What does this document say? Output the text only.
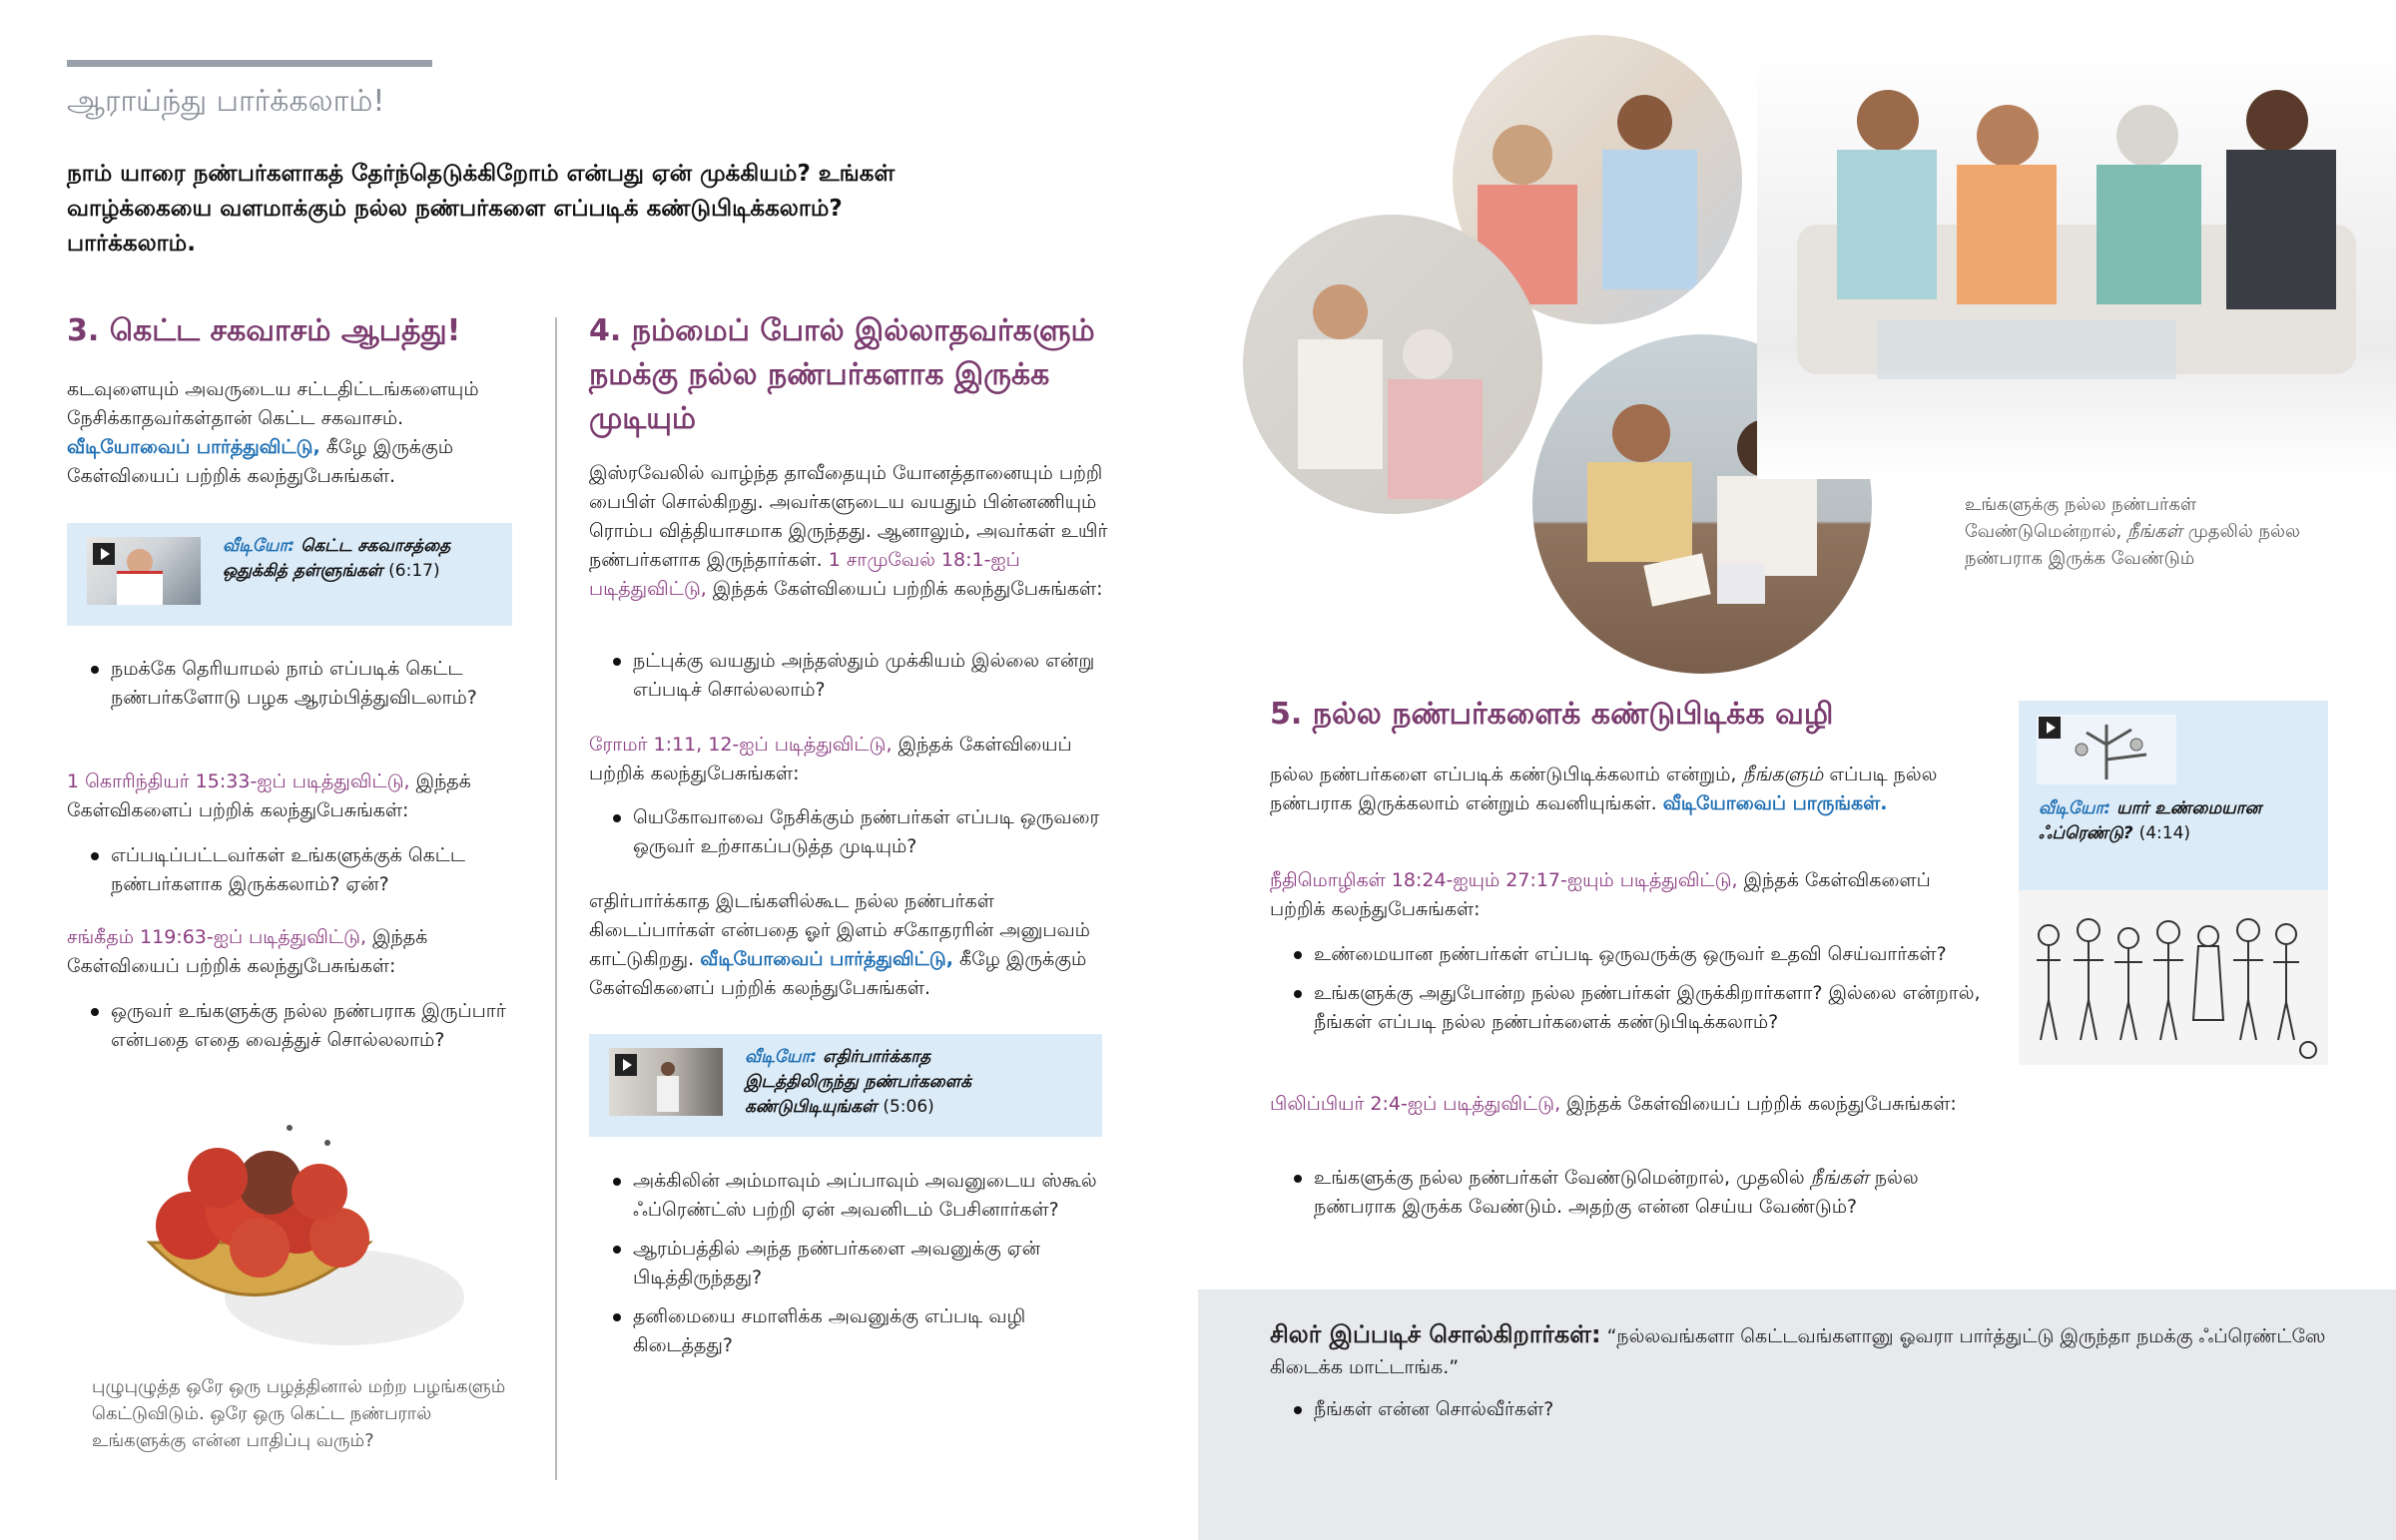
ஆராய்ந்து பார்க்கலாம்!
நாம் யாரை நண்பர்களாகத் தேர்ந்தெடுக்கிறோம் என்பது ஏன் முக்கியம்? உங்கள் வாழ்க்கையை வளமாக்கும் நல்ல நண்பர்களை எப்படிக் கண்டுபிடிக்கலாம்? பார்க்கலாம்.
3. கெட்ட சகவாசம் ஆபத்து!
கடவுளையும் அவருடைய சட்டதிட்டங்களையும் நேசிக்காதவர்கள்தான் கெட்ட சகவாசம். வீடியோவைப் பார்த்துவிட்டு, கீழே இருக்கும் கேள்வியைப் பற்றிக் கலந்துபேசுங்கள்.
வீடியோ: கெட்ட சகவாசத்தை ஒதுக்கித் தள்ளுங்கள் (6:17)
நமக்கே தெரியாமல் நாம் எப்படிக் கெட்ட நண்பர்களோடு பழக ஆரம்பித்துவிடலாம்?
1 கொரிந்தியர் 15:33-ஐப் படித்துவிட்டு, இந்தக் கேள்விகளைப் பற்றிக் கலந்துபேசுங்கள்:
எப்படிப்பட்டவர்கள் உங்களுக்குக் கெட்ட நண்பர்களாக இருக்கலாம்? ஏன்?
சங்கீதம் 119:63-ஐப் படித்துவிட்டு, இந்தக் கேள்வியைப் பற்றிக் கலந்துபேசுங்கள்:
ஒருவர் உங்களுக்கு நல்ல நண்பராக இருப்பார் என்பதை எதை வைத்துச் சொல்லலாம்?
புழுபுழுத்த ஒரே ஒரு பழத்தினால் மற்ற பழங்களும் கெட்டுவிடும். ஒரே ஒரு கெட்ட நண்பரால் உங்களுக்கு என்ன பாதிப்பு வரும்?
4. நம்மைப் போல் இல்லாதவர்களும் நமக்கு நல்ல நண்பர்களாக இருக்க முடியும்
இஸ்ரவேலில் வாழ்ந்த தாவீதையும் யோனத்தானையும் பற்றி பைபிள் சொல்கிறது. அவர்களுடைய வயதும் பின்னணியும் ரொம்ப வித்தியாசமாக இருந்தது. ஆனாலும், அவர்கள் உயிர் நண்பர்களாக இருந்தார்கள். 1 சாமுவேல் 18:1-ஐப் படித்துவிட்டு, இந்தக் கேள்வியைப் பற்றிக் கலந்துபேசுங்கள்:
நட்புக்கு வயதும் அந்தஸ்தும் முக்கியம் இல்லை என்று எப்படிச் சொல்லலாம்?
ரோமர் 1:11, 12-ஐப் படித்துவிட்டு, இந்தக் கேள்வியைப் பற்றிக் கலந்துபேசுங்கள்:
யெகோவாவை நேசிக்கும் நண்பர்கள் எப்படி ஒருவரை ஒருவர் உற்சாகப்படுத்த முடியும்?
எதிர்பார்க்காத இடங்களில்கூட நல்ல நண்பர்கள் கிடைப்பார்கள் என்பதை ஓர் இளம் சகோதரரின் அனுபவம் காட்டுகிறது. வீடியோவைப் பார்த்துவிட்டு, கீழே இருக்கும் கேள்விகளைப் பற்றிக் கலந்துபேசுங்கள்.
வீடியோ: எதிர்பார்க்காத இடத்திலிருந்து நண்பர்களைக் கண்டுபிடியுங்கள் (5:06)
அக்கிலின் அம்மாவும் அப்பாவும் அவனுடைய ஸ்கூல் ஃப்ரெண்ட்ஸ் பற்றி ஏன் அவனிடம் பேசினார்கள்?
ஆரம்பத்தில் அந்த நண்பர்களை அவனுக்கு ஏன் பிடித்திருந்தது?
தனிமையை சமாளிக்க அவனுக்கு எப்படி வழி கிடைத்தது?
உங்களுக்கு நல்ல நண்பர்கள் வேண்டுமென்றால், நீங்கள் முதலில் நல்ல நண்பராக இருக்க வேண்டும்
5. நல்ல நண்பர்களைக் கண்டுபிடிக்க வழி
நல்ல நண்பர்களை எப்படிக் கண்டுபிடிக்கலாம் என்றும், நீங்களும் எப்படி நல்ல நண்பராக இருக்கலாம் என்றும் கவனியுங்கள். வீடியோவைப் பாருங்கள்.
நீதிமொழிகள் 18:24-ஐயும் 27:17-ஐயும் படித்துவிட்டு, இந்தக் கேள்விகளைப் பற்றிக் கலந்துபேசுங்கள்:
உண்மையான நண்பர்கள் எப்படி ஒருவருக்கு ஒருவர் உதவி செய்வார்கள்?
உங்களுக்கு அதுபோன்ற நல்ல நண்பர்கள் இருக்கிறார்களா? இல்லை என்றால், நீங்கள் எப்படி நல்ல நண்பர்களைக் கண்டுபிடிக்கலாம்?
பிலிப்பியர் 2:4-ஐப் படித்துவிட்டு, இந்தக் கேள்வியைப் பற்றிக் கலந்துபேசுங்கள்:
உங்களுக்கு நல்ல நண்பர்கள் வேண்டுமென்றால், முதலில் நீங்கள் நல்ல நண்பராக இருக்க வேண்டும். அதற்கு என்ன செய்ய வேண்டும்?
வீடியோ: யார் உண்மையான ஃப்ரெண்டு? (4:14)
சிலர் இப்படிச் சொல்கிறார்கள்: “நல்லவங்களா கெட்டவங்களானு ஓவரா பார்த்துட்டு இருந்தா நமக்கு ஃப்ரெண்ட்ஸே கிடைக்க மாட்டாங்க.”
நீங்கள் என்ன சொல்வீர்கள்?
